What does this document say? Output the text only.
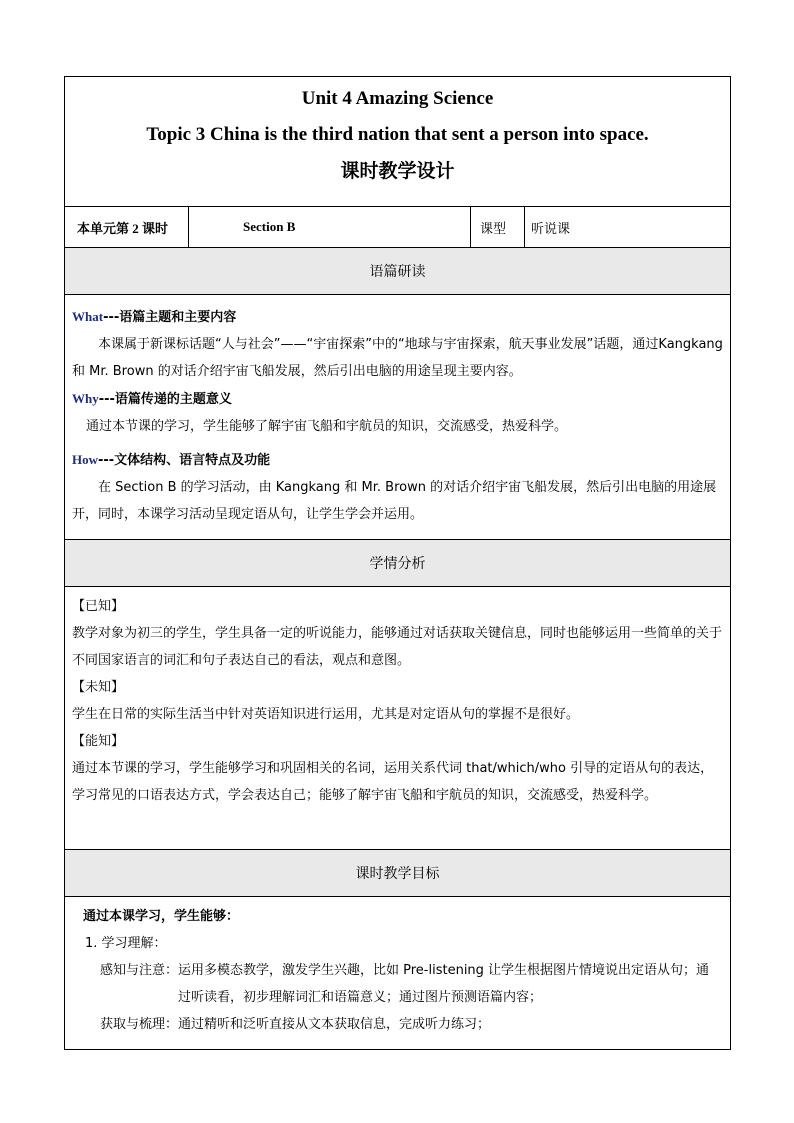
Unit 4 Amazing Science
Topic 3 China is the third nation that sent a person into space.
课时教学设计

本单元第 2 课时	Section B	课型	听说课
语篇研读

What---语篇主题和主要内容

本课属于新课标话题“人与社会”——“宇宙探索”中的“地球与宇宙探索，航天事业发展”话题，通过Kangkang 和 Mr. Brown 的对话介绍宇宙飞船发展，然后引出电脑的用途呈现主要内容。

Why---语篇传递的主题意义

通过本节课的学习，学生能够了解宇宙飞船和宇航员的知识，交流感受，热爱科学。

How---文体结构、语言特点及功能

在 Section B 的学习活动，由 Kangkang 和 Mr. Brown 的对话介绍宇宙飞船发展，然后引出电脑的用途展开，同时，本课学习活动呈现定语从句，让学生学会并运用。

学情分析

【已知】

教学对象为初三的学生，学生具备一定的听说能力，能够通过对话获取关键信息，同时也能够运用一些简单的关于不同国家语言的词汇和句子表达自己的看法，观点和意图。

【未知】

学生在日常的实际生活当中针对英语知识进行运用，尤其是对定语从句的掌握不是很好。

【能知】

通过本节课的学习，学生能够学习和巩固相关的名词，运用关系代词 that/which/who 引导的定语从句的表达，学习常见的口语表达方式，学会表达自己；能够了解宇宙飞船和宇航员的知识，交流感受，热爱科学。

课时教学目标

通过本课学习，学生能够：

1. 学习理解：

感知与注意： 运用多模态教学，激发学生兴趣，比如 Pre-listening 让学生根据图片情境说出定语从句；通过听读看，初步理解词汇和语篇意义；通过图片预测语篇内容；
获取与梳理： 通过精听和泛听直接从文本获取信息，完成听力练习；
